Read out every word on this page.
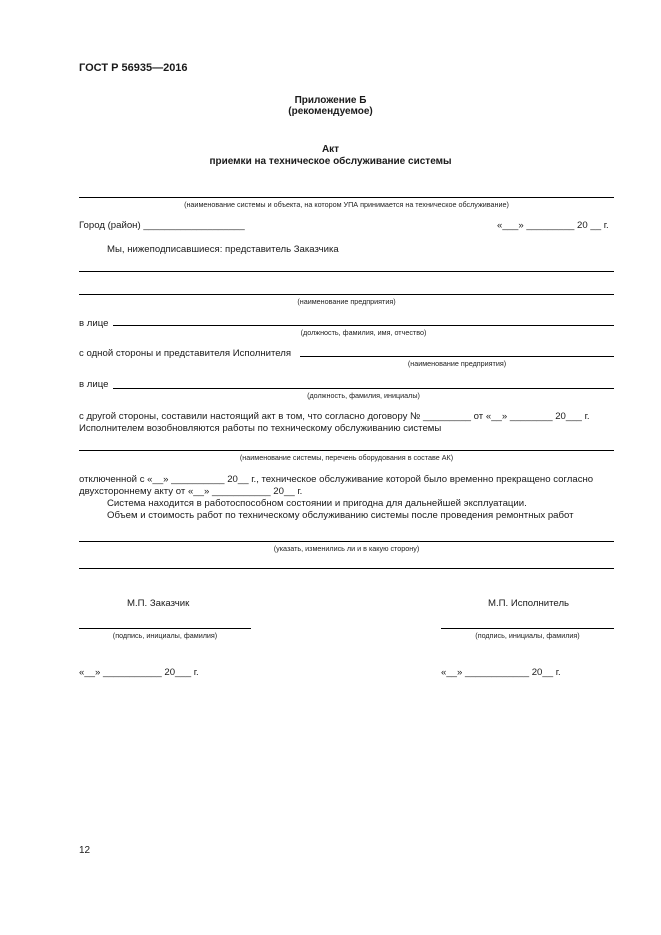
ГОСТ Р 56935—2016
Приложение Б
(рекомендуемое)
Акт
приемки на техническое обслуживание системы
(наименование системы и объекта, на котором УПА принимается на техническое обслуживание)
Город (район) ___________________	«___» _________ 20 __ г.
Мы, нижеподписавшиеся: представитель Заказчика
(наименование предприятия)
в лице
(должность, фамилия, имя, отчество)
с одной стороны и представителя Исполнителя
(наименование предприятия)
в лице
(должность, фамилия, инициалы)
с другой стороны, составили настоящий акт в том, что согласно договору № _________ от «__» ________ 20___ г.
Исполнителем возобновляются работы по техническому обслуживанию системы
(наименование системы, перечень оборудования в составе АК)
отключенной с «__» __________ 20__ г., техническое обслуживание которой было временно прекращено согласно
двухстороннему акту от «__» ___________ 20__ г.
Система находится в работоспособном состоянии и пригодна для дальнейшей эксплуатации.
Объем и стоимость работ по техническому обслуживанию системы после проведения ремонтных работ
(указать, изменились ли и в какую сторону)
М.П. Заказчик	М.П. Исполнитель
(подпись, инициалы, фамилия)	(подпись, инициалы, фамилия)
«__» ___________ 20___ г.	«__» ____________ 20__ г.
12
